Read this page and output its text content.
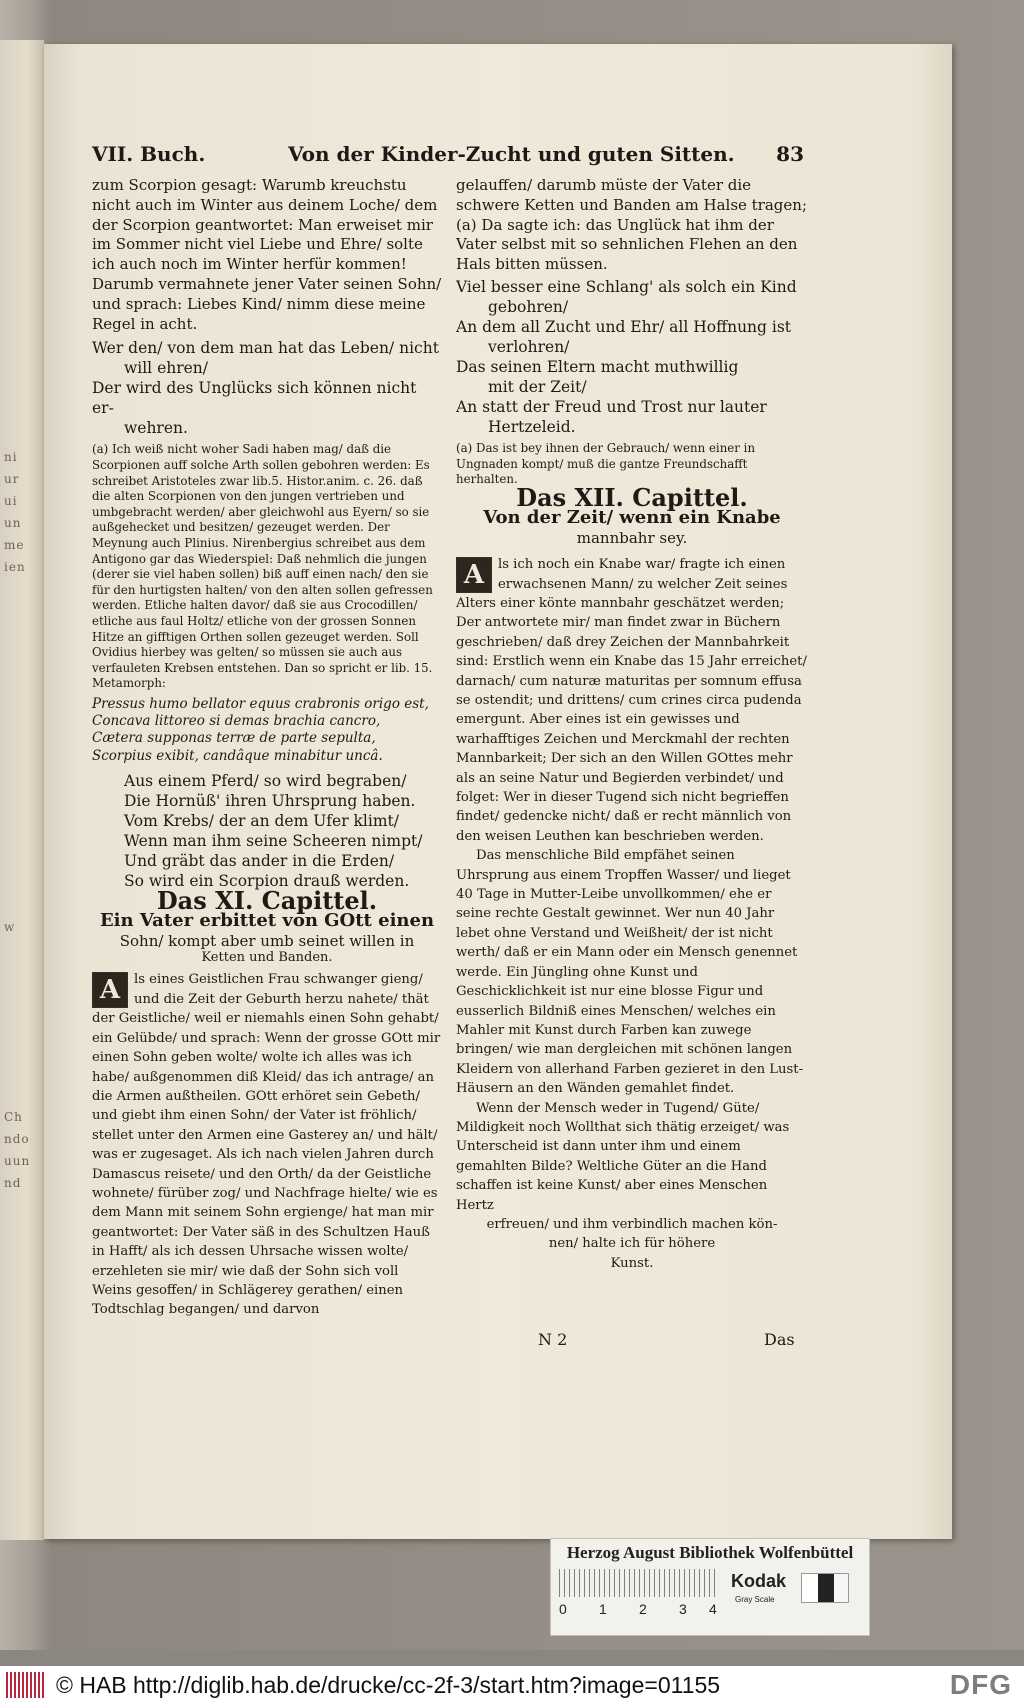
ni
ur
ui
un
me
ien
w
Ch
ndo
uun
nd
VII. Buch.	Von der Kinder-Zucht und guten Sitten. 83

zum Scorpion gesagt: Warumb kreuchstu nicht auch im Winter aus deinem Loche/ dem der Scorpion geantwortet: Man erweiset mir im Sommer nicht viel Liebe und Ehre/ solte ich auch noch im Winter herfür kommen! Darumb vermahnete jener Vater seinen Sohn/ und sprach: Liebes Kind/ nimm diese meine Regel in acht.

Wer den/ von dem man hat das Leben/ nicht

will ehren/

Der wird des Unglücks sich können nicht er-

wehren.

(a) Ich weiß nicht woher Sadi haben mag/ daß die Scorpionen auff solche Arth sollen gebohren werden: Es schreibet Aristoteles zwar lib.5. Histor.anim. c. 26. daß die alten Scorpionen von den jungen vertrieben und umbgebracht werden/ aber gleichwohl aus Eyern/ so sie außgehecket und besitzen/ gezeuget werden. Der Meynung auch Plinius. Nirenbergius schreibet aus dem Antigono gar das Wiederspiel: Daß nehmlich die jungen (derer sie viel haben sollen) biß auff einen nach/ den sie für den hurtigsten halten/ von den alten sollen gefressen werden. Etliche halten davor/ daß sie aus Crocodillen/ etliche aus faul Holtz/ etliche von der grossen Sonnen Hitze an gifftigen Orthen sollen gezeuget werden. Soll Ovidius hierbey was gelten/ so müssen sie auch aus verfauleten Krebsen entstehen. Dan so spricht er lib. 15. Metamorph:

Pressus humo bellator equus crabronis origo est,

Concava littoreo si demas brachia cancro,

Cætera supponas terræ de parte sepulta,

Scorpius exibit, candâque minabitur uncâ.

Aus einem Pferd/ so wird begraben/

Die Hornüß' ihren Uhrsprung haben.

Vom Krebs/ der an dem Ufer klimt/

Wenn man ihm seine Scheeren nimpt/

Und gräbt das ander in die Erden/

So wird ein Scorpion drauß werden.

Das XI. Capittel.

Ein Vater erbittet von GOtt einen

Sohn/ kompt aber umb seinet willen in

Ketten und Banden.

A	ls eines Geistlichen Frau schwanger gieng/ und die Zeit der Geburth herzu nahete/ thät der Geistliche/ weil er niemahls einen Sohn gehabt/ ein Gelübde/ und sprach: Wenn der grosse GOtt mir einen Sohn geben wolte/ wolte ich alles was ich habe/ außgenommen diß Kleid/ das ich antrage/ an die Armen außtheilen. GOtt erhöret sein Gebeth/ und giebt ihm einen Sohn/ der Vater ist fröhlich/ stellet unter den Armen eine Gasterey an/ und hält/ was er zugesaget. Als ich nach vielen Jahren durch Damascus reisete/ und den Orth/ da der Geistliche wohnete/ fürüber zog/ und Nachfrage hielte/ wie es dem Mann mit seinem Sohn ergienge/ hat man mir geantwortet: Der Vater säß in des Schultzen Hauß in Hafft/ als ich dessen Uhrsache wissen wolte/ erzehleten sie mir/ wie daß der Sohn sich voll Weins gesoffen/ in Schlägerey gerathen/ einen Todtschlag begangen/ und darvon

gelauffen/ darumb müste der Vater die schwere Ketten und Banden am Halse tragen; (a) Da sagte ich: das Unglück hat ihm der Vater selbst mit so sehnlichen Flehen an den Hals bitten müssen.

Viel besser eine Schlang' als solch ein Kind

gebohren/

An dem all Zucht und Ehr/ all Hoffnung ist

verlohren/

Das seinen Eltern macht muthwillig

mit der Zeit/

An statt der Freud und Trost nur lauter

Hertzeleid.

(a) Das ist bey ihnen der Gebrauch/ wenn einer in Ungnaden kompt/ muß die gantze Freundschafft herhalten.

Das XII. Capittel.

Von der Zeit/ wenn ein Knabe

mannbahr sey.

A	ls ich noch ein Knabe war/ fragte ich einen erwachsenen Mann/ zu welcher Zeit seines Alters einer könte mannbahr geschätzet werden; Der antwortete mir/ man findet zwar in Büchern geschrieben/ daß drey Zeichen der Mannbahrkeit sind: Erstlich wenn ein Knabe das 15 Jahr erreichet/ darnach/ cum naturæ maturitas per somnum effusa se ostendit; und drittens/ cum crines circa pudenda emergunt. Aber eines ist ein gewisses und warhafftiges Zeichen und Merckmahl der rechten Mannbarkeit; Der sich an den Willen GOttes mehr als an seine Natur und Begierden verbindet/ und folget: Wer in dieser Tugend sich nicht begrieffen findet/ gedencke nicht/ daß er recht männlich von den weisen Leuthen kan beschrieben werden.

Das menschliche Bild empfähet seinen Uhrsprung aus einem Tropffen Wasser/ und lieget 40 Tage in Mutter-Leibe unvollkommen/ ehe er seine rechte Gestalt gewinnet. Wer nun 40 Jahr lebet ohne Verstand und Weißheit/ der ist nicht werth/ daß er ein Mann oder ein Mensch genennet werde. Ein Jüngling ohne Kunst und Geschicklichkeit ist nur eine blosse Figur und eusserlich Bildniß eines Menschen/ welches ein Mahler mit Kunst durch Farben kan zuwege bringen/ wie man dergleichen mit schönen langen Kleidern von allerhand Farben gezieret in den Lust-Häusern an den Wänden gemahlet findet.

Wenn der Mensch weder in Tugend/ Güte/ Mildigkeit noch Wollthat sich thätig erzeiget/ was Unterscheid ist dann unter ihm und einem gemahlten Bilde? Weltliche Güter an die Hand schaffen ist keine Kunst/ aber eines Menschen Hertz

erfreuen/ und ihm verbindlich machen kön-

nen/ halte ich für höhere

Kunst.

N 2	Das
Herzog August Bibliothek Wolfenbüttel
0 1 2 3 4
Kodak
Gray Scale
© HAB http://diglib.hab.de/drucke/cc-2f-3/start.htm?image=01155	DFG
